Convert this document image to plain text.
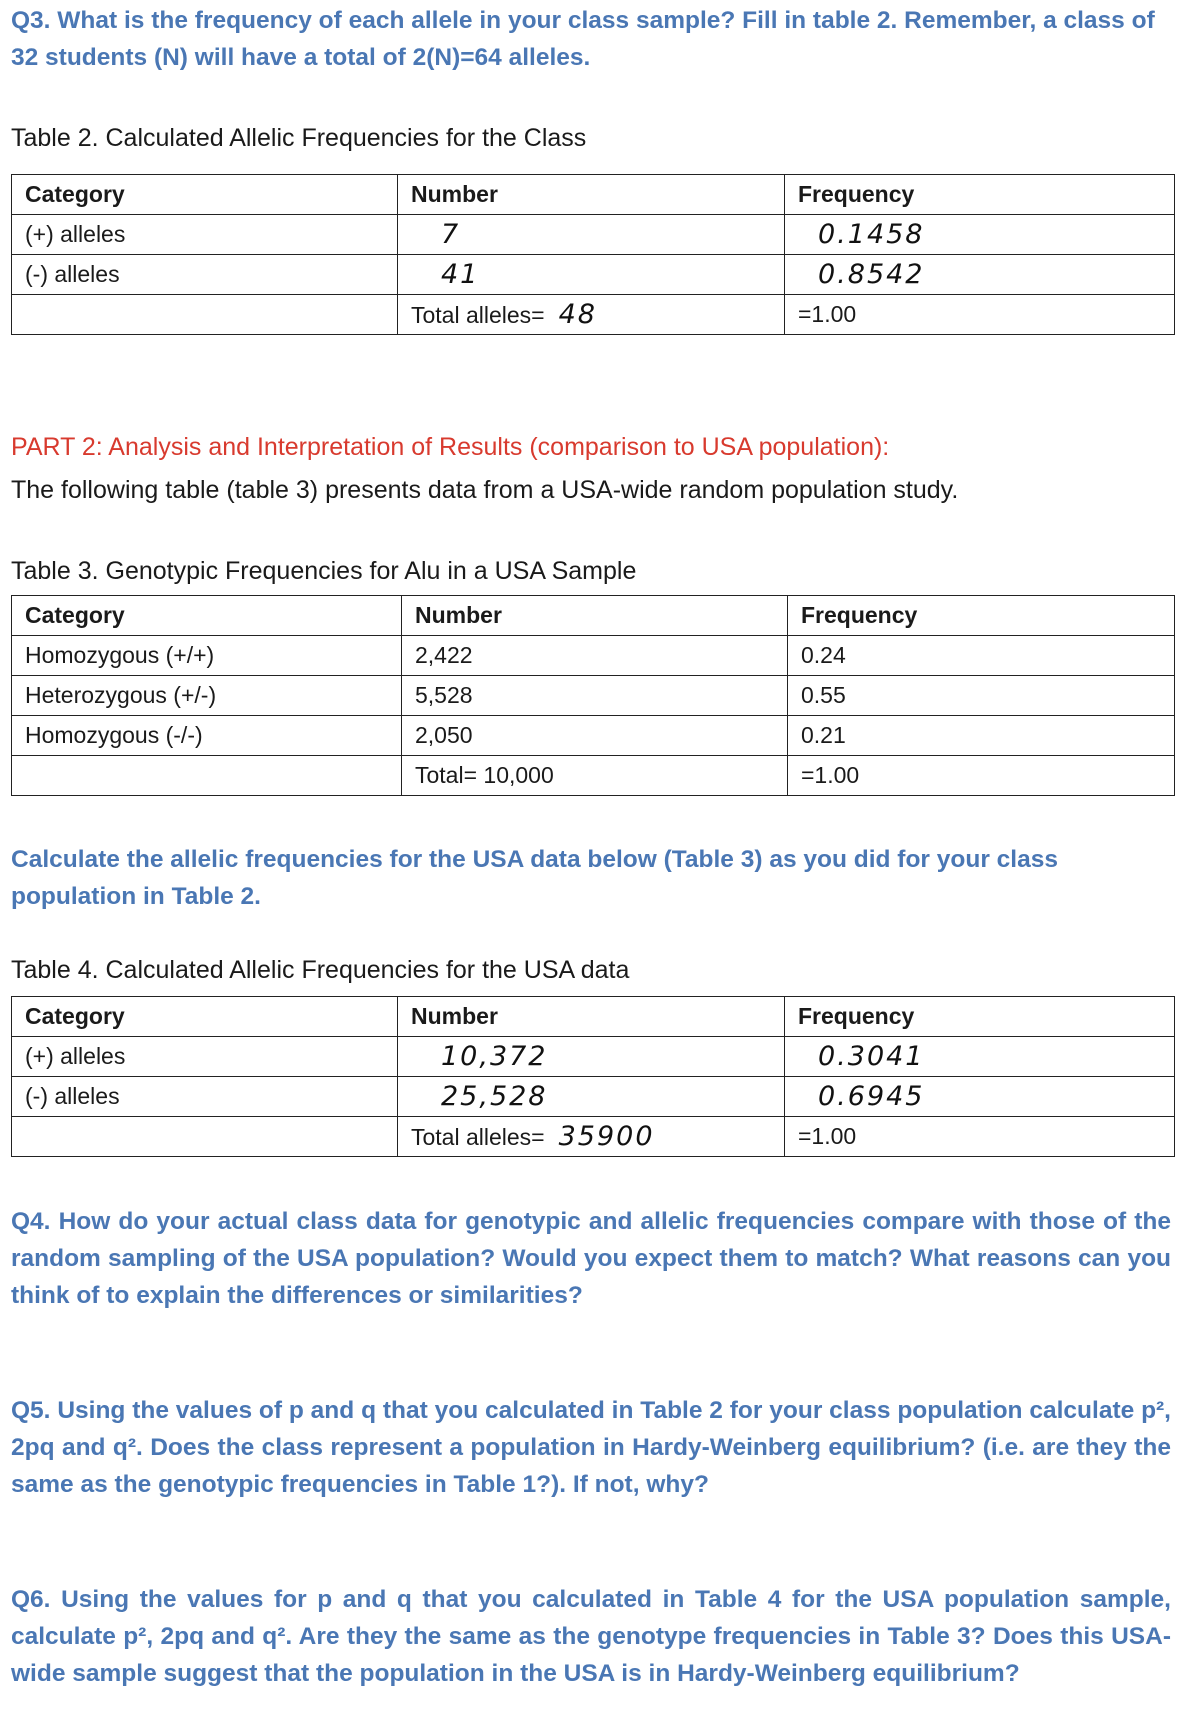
Q3. What is the frequency of each allele in your class sample? Fill in table 2. Remember, a class of 32 students (N) will have a total of 2(N)=64 alleles.

Table 2. Calculated Allelic Frequencies for the Class

Category	Number	Frequency
(+) alleles	7	0.1458
(-) alleles	41	0.8542
	Total alleles= 48	=1.00

PART 2: Analysis and Interpretation of Results (comparison to USA population):

The following table (table 3) presents data from a USA-wide random population study.

Table 3. Genotypic Frequencies for Alu in a USA Sample

Category	Number	Frequency
Homozygous (+/+)	2,422	0.24
Heterozygous (+/-)	5,528	0.55
Homozygous (-/-)	2,050	0.21
	Total= 10,000	=1.00

Calculate the allelic frequencies for the USA data below (Table 3) as you did for your class population in Table 2.

Table 4. Calculated Allelic Frequencies for the USA data

Category	Number	Frequency
(+) alleles	10,372	0.3041
(-) alleles	25,528	0.6945
	Total alleles= 35900	=1.00

Q4. How do your actual class data for genotypic and allelic frequencies compare with those of the random sampling of the USA population? Would you expect them to match? What reasons can you think of to explain the differences or similarities?

Q5. Using the values of p and q that you calculated in Table 2 for your class population calculate p², 2pq and q². Does the class represent a population in Hardy-Weinberg equilibrium? (i.e. are they the same as the genotypic frequencies in Table 1?). If not, why?

Q6. Using the values for p and q that you calculated in Table 4 for the USA population sample, calculate p², 2pq and q². Are they the same as the genotype frequencies in Table 3? Does this USA-wide sample suggest that the population in the USA is in Hardy-Weinberg equilibrium?
